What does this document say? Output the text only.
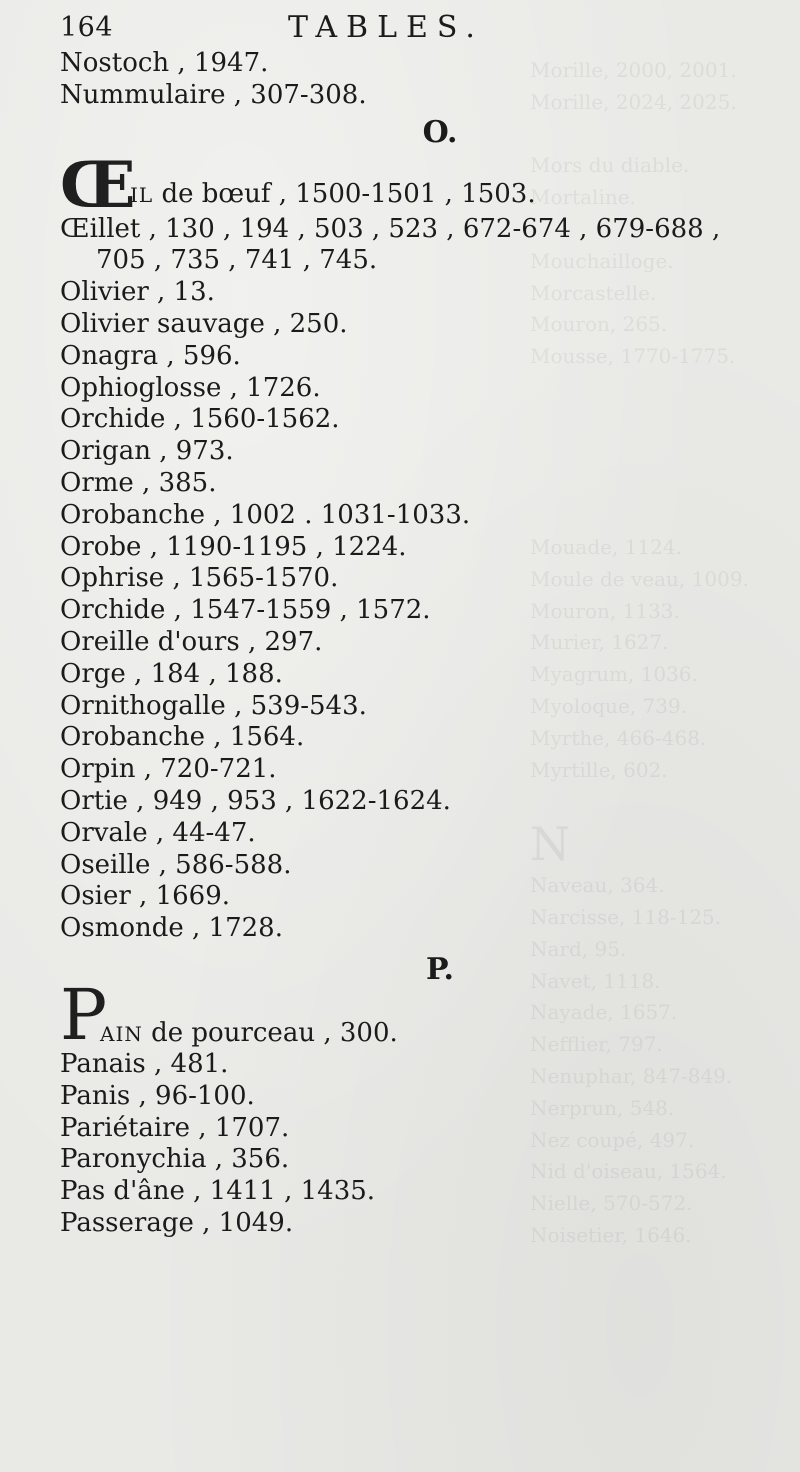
Morille, 2000, 2001.
Morille, 2024, 2025.

Mors du diable.
Mortaline.

Mouchailloge.
Morcastelle.
Mouron, 265.
Mousse, 1770-1775.

Mouade, 1124.
Moule de veau, 1009.
Mouron, 1133.
Murier, 1627.
Myagrum, 1036.
Myoloque, 739.
Myrthe, 466-468.
Myrtille, 602.

N
Naveau, 364.
Narcisse, 118-125.
Nard, 95.
Navet, 1118.
Nayade, 1657.
Nefflier, 797.
Nenuphar, 847-849.
Nerprun, 548.
Nez coupé, 497.
Nid d'oiseau, 1564.
Nielle, 570-572.
Noisetier, 1646.
164	TABLES.
Nostoch , 1947.
Nummulaire , 307-308.
O.
Œ
IL de bœuf , 1500-1501 , 1503.
Œillet , 130 , 194 , 503 , 523 , 672-674 , 679-688 ,
705 , 735 , 741 , 745.
Olivier , 13.
Olivier sauvage , 250.
Onagra , 596.
Ophioglosse , 1726.
Orchide , 1560-1562.
Origan , 973.
Orme , 385.
Orobanche , 1002 . 1031-1033.
Orobe , 1190-1195 , 1224.
Ophrise , 1565-1570.
Orchide , 1547-1559 , 1572.
Oreille d'ours , 297.
Orge , 184 , 188.
Ornithogalle , 539-543.
Orobanche , 1564.
Orpin , 720-721.
Ortie , 949 , 953 , 1622-1624.
Orvale , 44-47.
Oseille , 586-588.
Osier , 1669.
Osmonde , 1728.
P.
P
AIN de pourceau , 300.
Panais , 481.
Panis , 96-100.
Pariétaire , 1707.
Paronychia , 356.
Pas d'âne , 1411 , 1435.
Passerage , 1049.
